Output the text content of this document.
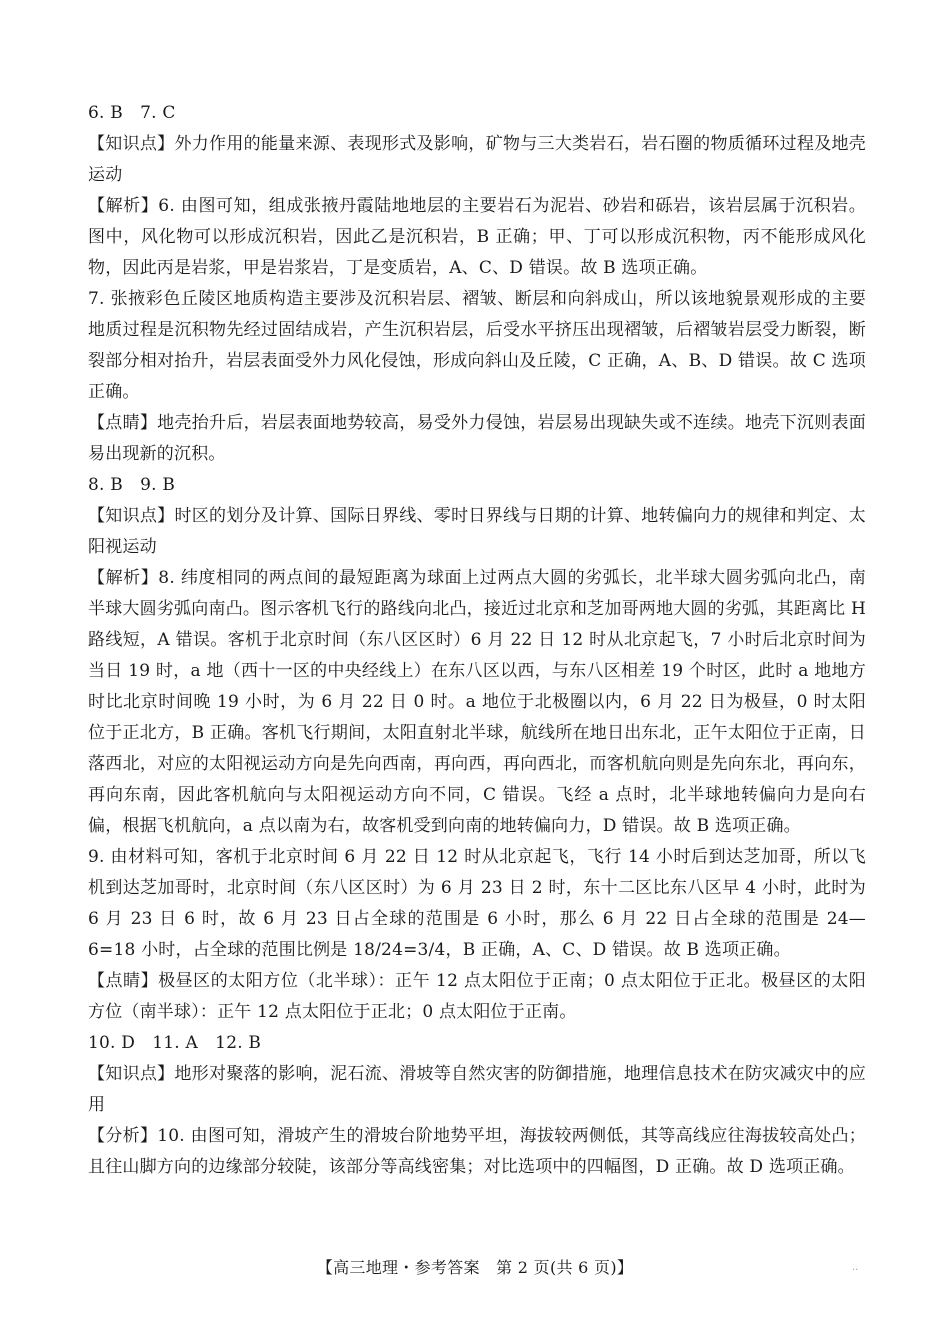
6. B　7. C

【知识点】外力作用的能量来源、表现形式及影响，矿物与三大类岩石，岩石圈的物质循环过程及地壳运动

【解析】6. 由图可知，组成张掖丹霞陆地地层的主要岩石为泥岩、砂岩和砾岩，该岩层属于沉积岩。图中，风化物可以形成沉积岩，因此乙是沉积岩，B 正确；甲、丁可以形成沉积物，丙不能形成风化物，因此丙是岩浆，甲是岩浆岩，丁是变质岩，A、C、D 错误。故 B 选项正确。

7. 张掖彩色丘陵区地质构造主要涉及沉积岩层、褶皱、断层和向斜成山，所以该地貌景观形成的主要地质过程是沉积物先经过固结成岩，产生沉积岩层，后受水平挤压出现褶皱，后褶皱岩层受力断裂，断裂部分相对抬升，岩层表面受外力风化侵蚀，形成向斜山及丘陵，C 正确，A、B、D 错误。故 C 选项正确。

【点睛】地壳抬升后，岩层表面地势较高，易受外力侵蚀，岩层易出现缺失或不连续。地壳下沉则表面易出现新的沉积。

8. B　9. B

【知识点】时区的划分及计算、国际日界线、零时日界线与日期的计算、地转偏向力的规律和判定、太阳视运动

【解析】8. 纬度相同的两点间的最短距离为球面上过两点大圆的劣弧长，北半球大圆劣弧向北凸，南半球大圆劣弧向南凸。图示客机飞行的路线向北凸，接近过北京和芝加哥两地大圆的劣弧，其距离比 H 路线短，A 错误。客机于北京时间（东八区区时）6 月 22 日 12 时从北京起飞，7 小时后北京时间为当日 19 时，a 地（西十一区的中央经线上）在东八区以西，与东八区相差 19 个时区，此时 a 地地方时比北京时间晚 19 小时，为 6 月 22 日 0 时。a 地位于北极圈以内，6 月 22 日为极昼，0 时太阳位于正北方，B 正确。客机飞行期间，太阳直射北半球，航线所在地日出东北，正午太阳位于正南，日落西北，对应的太阳视运动方向是先向西南，再向西，再向西北，而客机航向则是先向东北，再向东，再向东南，因此客机航向与太阳视运动方向不同，C 错误。飞经 a 点时，北半球地转偏向力是向右偏，根据飞机航向，a 点以南为右，故客机受到向南的地转偏向力，D 错误。故 B 选项正确。

9. 由材料可知，客机于北京时间 6 月 22 日 12 时从北京起飞，飞行 14 小时后到达芝加哥，所以飞机到达芝加哥时，北京时间（东八区区时）为 6 月 23 日 2 时，东十二区比东八区早 4 小时，此时为 6 月 23 日 6 时，故 6 月 23 日占全球的范围是 6 小时，那么 6 月 22 日占全球的范围是 24—6=18 小时，占全球的范围比例是 18/24=3/4，B 正确，A、C、D 错误。故 B 选项正确。

【点睛】极昼区的太阳方位（北半球）：正午 12 点太阳位于正南；0 点太阳位于正北。极昼区的太阳方位（南半球）：正午 12 点太阳位于正北；0 点太阳位于正南。

10. D　11. A　12. B

【知识点】地形对聚落的影响，泥石流、滑坡等自然灾害的防御措施，地理信息技术在防灾减灾中的应用

【分析】10. 由图可知，滑坡产生的滑坡台阶地势平坦，海拔较两侧低，其等高线应往海拔较高处凸；且往山脚方向的边缘部分较陡，该部分等高线密集；对比选项中的四幅图，D 正确。故 D 选项正确。

【高三地理・参考答案　第 2 页(共 6 页)】	..
